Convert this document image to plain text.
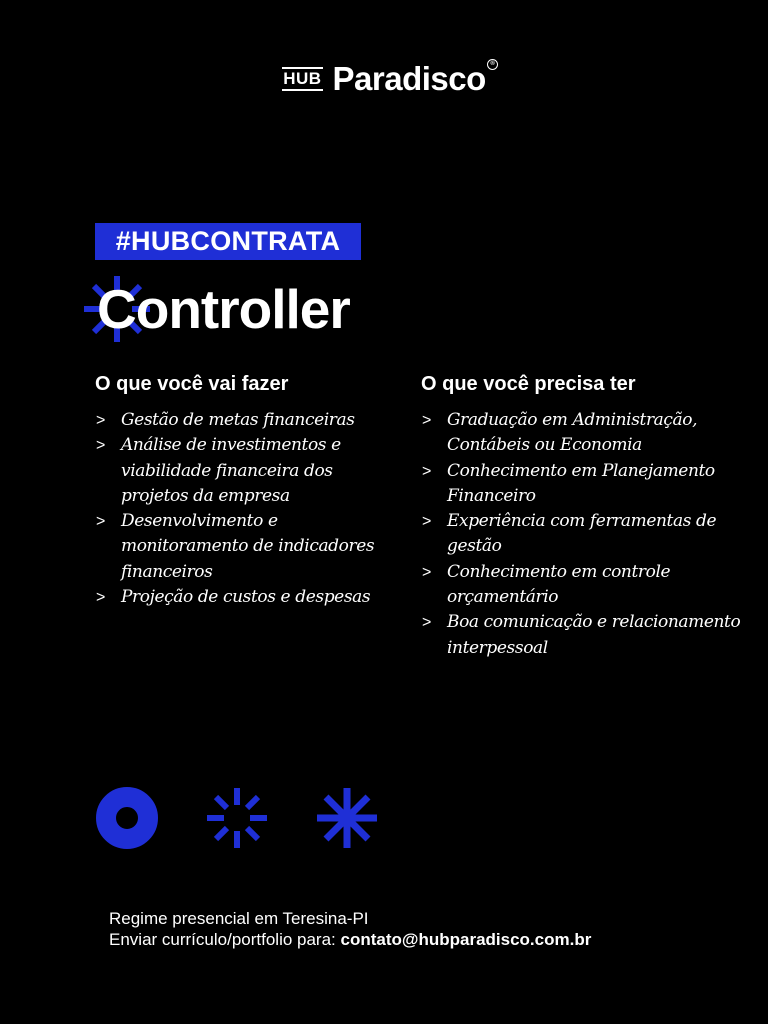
HUB Paradisco ®
#HUBCONTRATA
Controller
O que você vai fazer
> Gestão de metas financeiras
> Análise de investimentos e viabilidade financeira dos projetos da empresa
> Desenvolvimento e monitoramento de indicadores financeiros
> Projeção de custos e despesas
O que você precisa ter
> Graduação em Administração, Contábeis ou Economia
> Conhecimento em Planejamento Financeiro
> Experiência com ferramentas de gestão
> Conhecimento em controle orçamentário
> Boa comunicação e relacionamento interpessoal
Regime presencial em Teresina-PI
Enviar currículo/portfolio para: contato@hubparadisco.com.br
